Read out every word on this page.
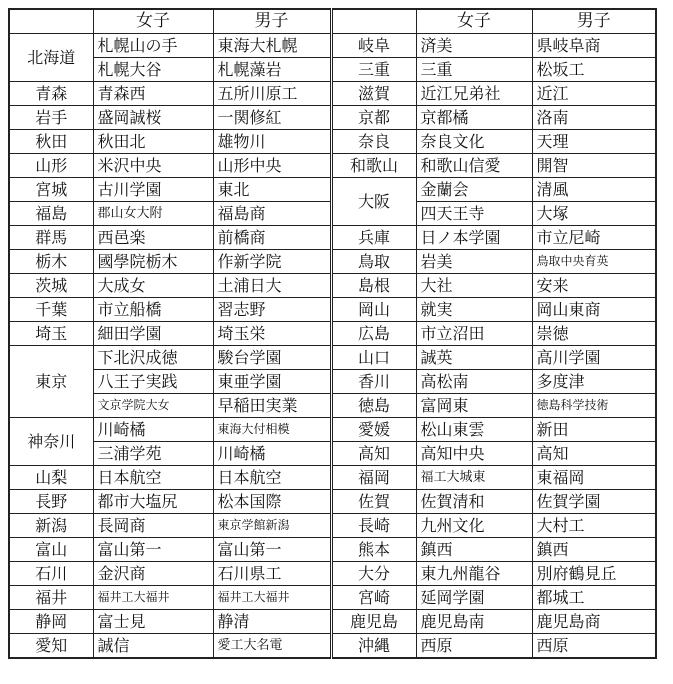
	女子	男子		女子	男子
北海道	札幌山の手	東海大札幌	岐阜	済美	県岐阜商
	札幌大谷	札幌藻岩	三重	三重	松坂工
青森	青森西	五所川原工	滋賀	近江兄弟社	近江
岩手	盛岡誠桜	一関修紅	京都	京都橘	洛南
秋田	秋田北	雄物川	奈良	奈良文化	天理
山形	米沢中央	山形中央	和歌山	和歌山信愛	開智
宮城	古川学園	東北	大阪	金蘭会	清風
福島	郡山女大附	福島商		四天王寺	大塚
群馬	西邑楽	前橋商	兵庫	日ノ本学園	市立尼崎
栃木	國學院栃木	作新学院	鳥取	岩美	鳥取中央育英
茨城	大成女	土浦日大	島根	大社	安来
千葉	市立船橋	習志野	岡山	就実	岡山東商
埼玉	細田学園	埼玉栄	広島	市立沼田	崇徳
東京	下北沢成徳	駿台学園	山口	誠英	高川学園
	八王子実践	東亜学園	香川	高松南	多度津
	文京学院大女	早稲田実業	徳島	富岡東	徳島科学技術
神奈川	川崎橘	東海大付相模	愛媛	松山東雲	新田
	三浦学苑	川崎橘	高知	高知中央	高知
山梨	日本航空	日本航空	福岡	福工大城東	東福岡
長野	都市大塩尻	松本国際	佐賀	佐賀清和	佐賀学園
新潟	長岡商	東京学館新潟	長崎	九州文化	大村工
富山	富山第一	富山第一	熊本	鎮西	鎮西
石川	金沢商	石川県工	大分	東九州龍谷	別府鶴見丘
福井	福井工大福井	福井工大福井	宮崎	延岡学園	都城工
静岡	富士見	静清	鹿児島	鹿児島南	鹿児島商
愛知	誠信	愛工大名電	沖縄	西原	西原
